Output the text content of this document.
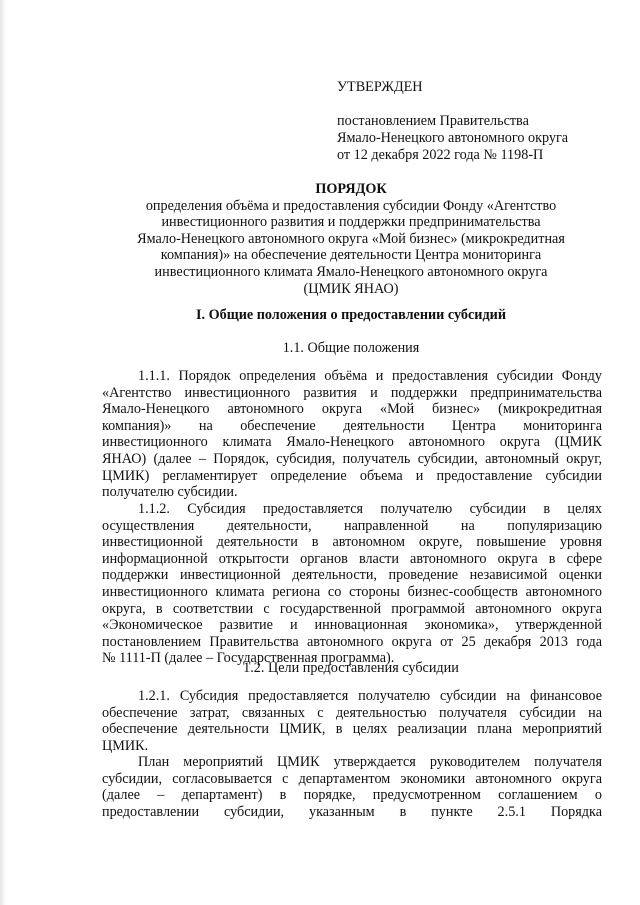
УТВЕРЖДЕН

постановлением Правительства

Ямало-Ненецкого автономного округа

от 12 декабря 2022 года № 1198-П

ПОРЯДОК

определения объёма и предоставления субсидии Фонду «Агентство

инвестиционного развития и поддержки предпринимательства

Ямало-Ненецкого автономного округа «Мой бизнес» (микрокредитная

компания)» на обеспечение деятельности Центра мониторинга

инвестиционного климата Ямало-Ненецкого автономного округа

(ЦМИК ЯНАО)

I. Общие положения о предоставлении субсидий

1.1. Общие положения

1.1.1. Порядок определения объёма и предоставления субсидии Фонду
«Агентство инвестиционного развития и поддержки предпринимательства
Ямало-Ненецкого автономного округа «Мой бизнес» (микрокредитная
компания)» на обеспечение деятельности Центра мониторинга
инвестиционного климата Ямало-Ненецкого автономного округа (ЦМИК
ЯНАО) (далее – Порядок, субсидия, получатель субсидии, автономный округ,
ЦМИК) регламентирует определение объема и предоставление субсидии
получателю субсидии.
1.1.2. Субсидия предоставляется получателю субсидии в целях
осуществления деятельности, направленной на популяризацию
инвестиционной деятельности в автономном округе, повышение уровня
информационной открытости органов власти автономного округа в сфере
поддержки инвестиционной деятельности, проведение независимой оценки
инвестиционного климата региона со стороны бизнес-сообществ автономного
округа, в соответствии с государственной программой автономного округа
«Экономическое развитие и инновационная экономика», утвержденной
постановлением Правительства автономного округа от 25 декабря 2013 года
№ 1111-П (далее – Государственная программа).

1.2. Цели предоставления субсидии

1.2.1. Субсидия предоставляется получателю субсидии на финансовое
обеспечение затрат, связанных с деятельностью получателя субсидии на
обеспечение деятельности ЦМИК, в целях реализации плана мероприятий
ЦМИК.
План мероприятий ЦМИК утверждается руководителем получателя
субсидии, согласовывается с департаментом экономики автономного округа
(далее – департамент) в порядке, предусмотренном соглашением о
предоставлении субсидии, указанным в пункте 2.5.1 Порядка
